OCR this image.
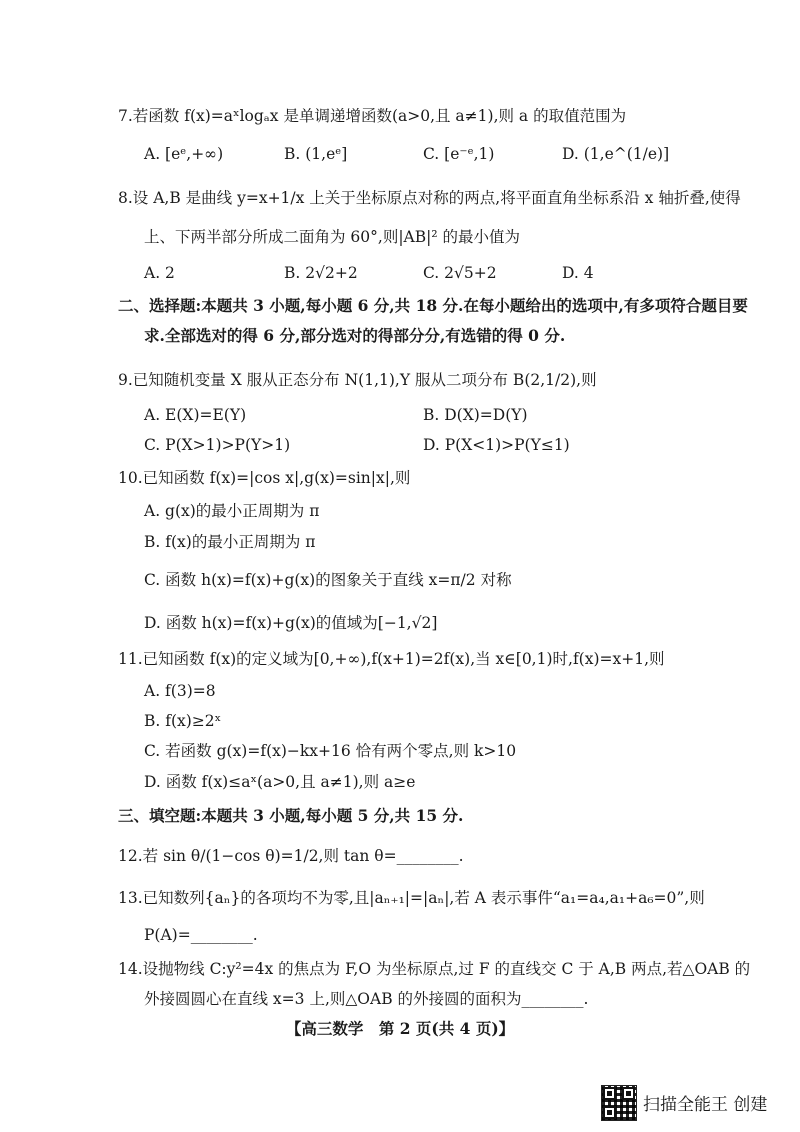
7.若函数 f(x)=aˣlogₐx 是单调递增函数(a>0,且 a≠1),则 a 的取值范围为
A. [eᵉ,+∞)	B. (1,eᵉ]	C. [e⁻ᵉ,1)	D. (1,e^(1/e)]
8.设 A,B 是曲线 y=x+1/x 上关于坐标原点对称的两点,将平面直角坐标系沿 x 轴折叠,使得
上、下两半部分所成二面角为 60°,则|AB|² 的最小值为
A. 2	B. 2√2+2	C. 2√5+2	D. 4
二、选择题:本题共 3 小题,每小题 6 分,共 18 分.在每小题给出的选项中,有多项符合题目要
求.全部选对的得 6 分,部分选对的得部分分,有选错的得 0 分.
9.已知随机变量 X 服从正态分布 N(1,1),Y 服从二项分布 B(2,1/2),则
A. E(X)=E(Y)	B. D(X)=D(Y)
C. P(X>1)>P(Y>1)	D. P(X<1)>P(Y≤1)
10.已知函数 f(x)=|cos x|,g(x)=sin|x|,则
A. g(x)的最小正周期为 π
B. f(x)的最小正周期为 π
C. 函数 h(x)=f(x)+g(x)的图象关于直线 x=π/2 对称
D. 函数 h(x)=f(x)+g(x)的值域为[−1,√2]
11.已知函数 f(x)的定义域为[0,+∞),f(x+1)=2f(x),当 x∈[0,1)时,f(x)=x+1,则
A. f(3)=8
B. f(x)≥2ˣ
C. 若函数 g(x)=f(x)−kx+16 恰有两个零点,则 k>10
D. 函数 f(x)≤aˣ(a>0,且 a≠1),则 a≥e
三、填空题:本题共 3 小题,每小题 5 分,共 15 分.
12.若 sin θ/(1−cos θ)=1/2,则 tan θ=________.
13.已知数列{aₙ}的各项均不为零,且|aₙ₊₁|=|aₙ|,若 A 表示事件“a₁=a₄,a₁+a₆=0”,则
P(A)=________.
14.设抛物线 C:y²=4x 的焦点为 F,O 为坐标原点,过 F 的直线交 C 于 A,B 两点,若△OAB 的
外接圆圆心在直线 x=3 上,则△OAB 的外接圆的面积为________.
【高三数学　第 2 页(共 4 页)】
扫描全能王 创建
